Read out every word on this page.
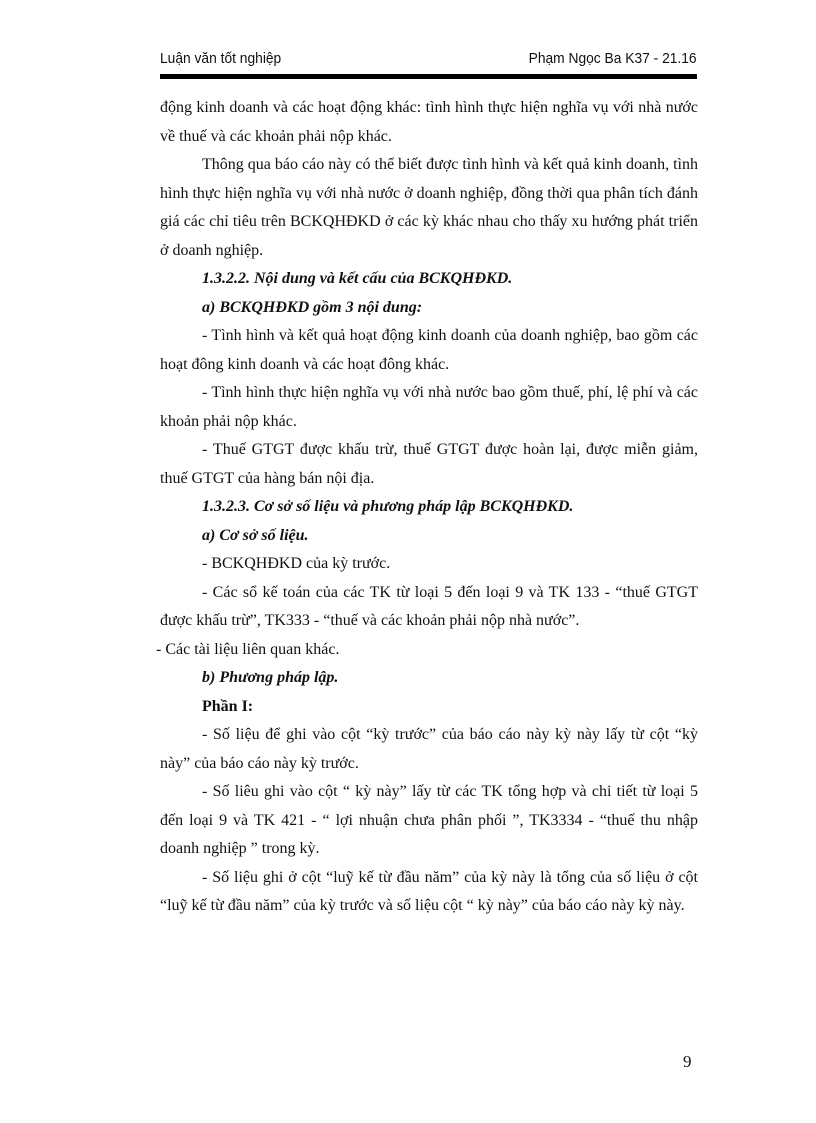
Luận văn tốt nghiệp	Phạm Ngọc Ba K37 - 21.16

động kinh doanh và các hoạt động khác: tình hình thực hiện nghĩa vụ với nhà nước về thuế và các khoản phải nộp khác.

Thông qua báo cáo này có thể biết được tình hình và kết quả kinh doanh, tình hình thực hiện nghĩa vụ với nhà nước ở doanh nghiệp, đồng thời qua phân tích đánh giá các chỉ tiêu trên BCKQHĐKD ở các kỳ khác nhau cho thấy xu hướng phát triển ở doanh nghiệp.

1.3.2.2. Nội dung và kết cấu của BCKQHĐKD.

a) BCKQHĐKD gồm 3 nội dung:

- Tình hình và kết quả hoạt động kinh doanh của doanh nghiệp, bao gồm các hoạt đông kinh doanh và các hoạt đông khác.

- Tình hình thực hiện nghĩa vụ với nhà nước bao gồm thuế, phí, lệ phí và các khoản phải nộp khác.

- Thuế GTGT được khấu trừ, thuế GTGT được hoàn lại, được miễn giảm, thuế GTGT của hàng bán nội địa.

1.3.2.3. Cơ sở số liệu và phương pháp lập BCKQHĐKD.

a) Cơ sở số liệu.

- BCKQHĐKD của kỳ trước.

- Các sổ kế toán của các TK từ loại 5 đến loại 9 và TK 133 - “thuế GTGT được khấu trừ”, TK333 - “thuế và các khoản phải nộp nhà nước”.

- Các tài liệu liên quan khác.

b) Phương pháp lập.

Phần I:

- Số liệu để ghi vào cột “kỳ trước” của báo cáo này kỳ này lấy từ cột “kỳ này” của báo cáo này kỳ trước.

- Số liêu ghi vào cột “ kỳ này” lấy từ các TK tổng hợp và chi tiết từ loại 5 đến loại 9 và TK 421 - “ lợi nhuận chưa phân phối ”, TK3334 - “thuế thu nhập doanh nghiệp ” trong kỳ.

- Số liệu ghi ở cột “luỹ kế từ đầu năm” của kỳ này là tổng của số liệu ở cột “luỹ kế từ đầu năm” của kỳ trước và số liệu cột “ kỳ này” của báo cáo này kỳ này.

9
